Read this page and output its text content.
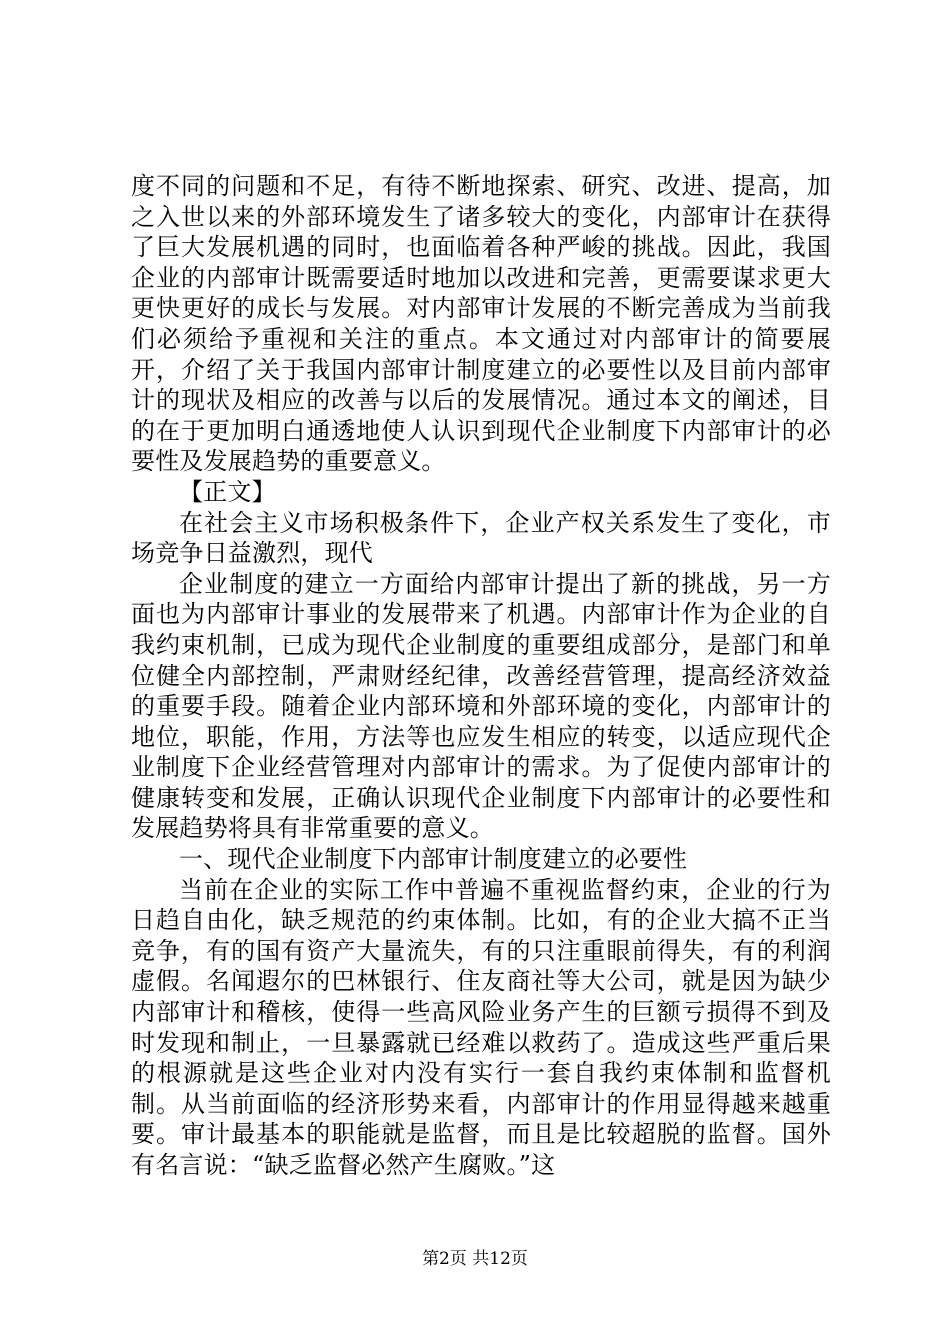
度不同的问题和不足，有待不断地探索、研究、改进、提高，加之入世以来的外部环境发生了诸多较大的变化，内部审计在获得了巨大发展机遇的同时，也面临着各种严峻的挑战。因此，我国企业的内部审计既需要适时地加以改进和完善，更需要谋求更大更快更好的成长与发展。对内部审计发展的不断完善成为当前我们必须给予重视和关注的重点。本文通过对内部审计的简要展开，介绍了关于我国内部审计制度建立的必要性以及目前内部审计的现状及相应的改善与以后的发展情况。通过本文的阐述，目的在于更加明白通透地使人认识到现代企业制度下内部审计的必要性及发展趋势的重要意义。

【正文】

在社会主义市场积极条件下，企业产权关系发生了变化，市场竞争日益激烈，现代

企业制度的建立一方面给内部审计提出了新的挑战，另一方面也为内部审计事业的发展带来了机遇。内部审计作为企业的自我约束机制，已成为现代企业制度的重要组成部分，是部门和单位健全内部控制，严肃财经纪律，改善经营管理，提高经济效益的重要手段。随着企业内部环境和外部环境的变化，内部审计的地位，职能，作用，方法等也应发生相应的转变，以适应现代企业制度下企业经营管理对内部审计的需求。为了促使内部审计的健康转变和发展，正确认识现代企业制度下内部审计的必要性和发展趋势将具有非常重要的意义。

一、现代企业制度下内部审计制度建立的必要性

当前在企业的实际工作中普遍不重视监督约束，企业的行为日趋自由化，缺乏规范的约束体制。比如，有的企业大搞不正当竞争，有的国有资产大量流失，有的只注重眼前得失，有的利润虚假。名闻遐尔的巴林银行、住友商社等大公司，就是因为缺少内部审计和稽核，使得一些高风险业务产生的巨额亏损得不到及时发现和制止，一旦暴露就已经难以救药了。造成这些严重后果的根源就是这些企业对内没有实行一套自我约束体制和监督机制。从当前面临的经济形势来看，内部审计的作用显得越来越重要。审计最基本的职能就是监督，而且是比较超脱的监督。国外有名言说：“缺乏监督必然产生腐败。”这

第2页 共12页
